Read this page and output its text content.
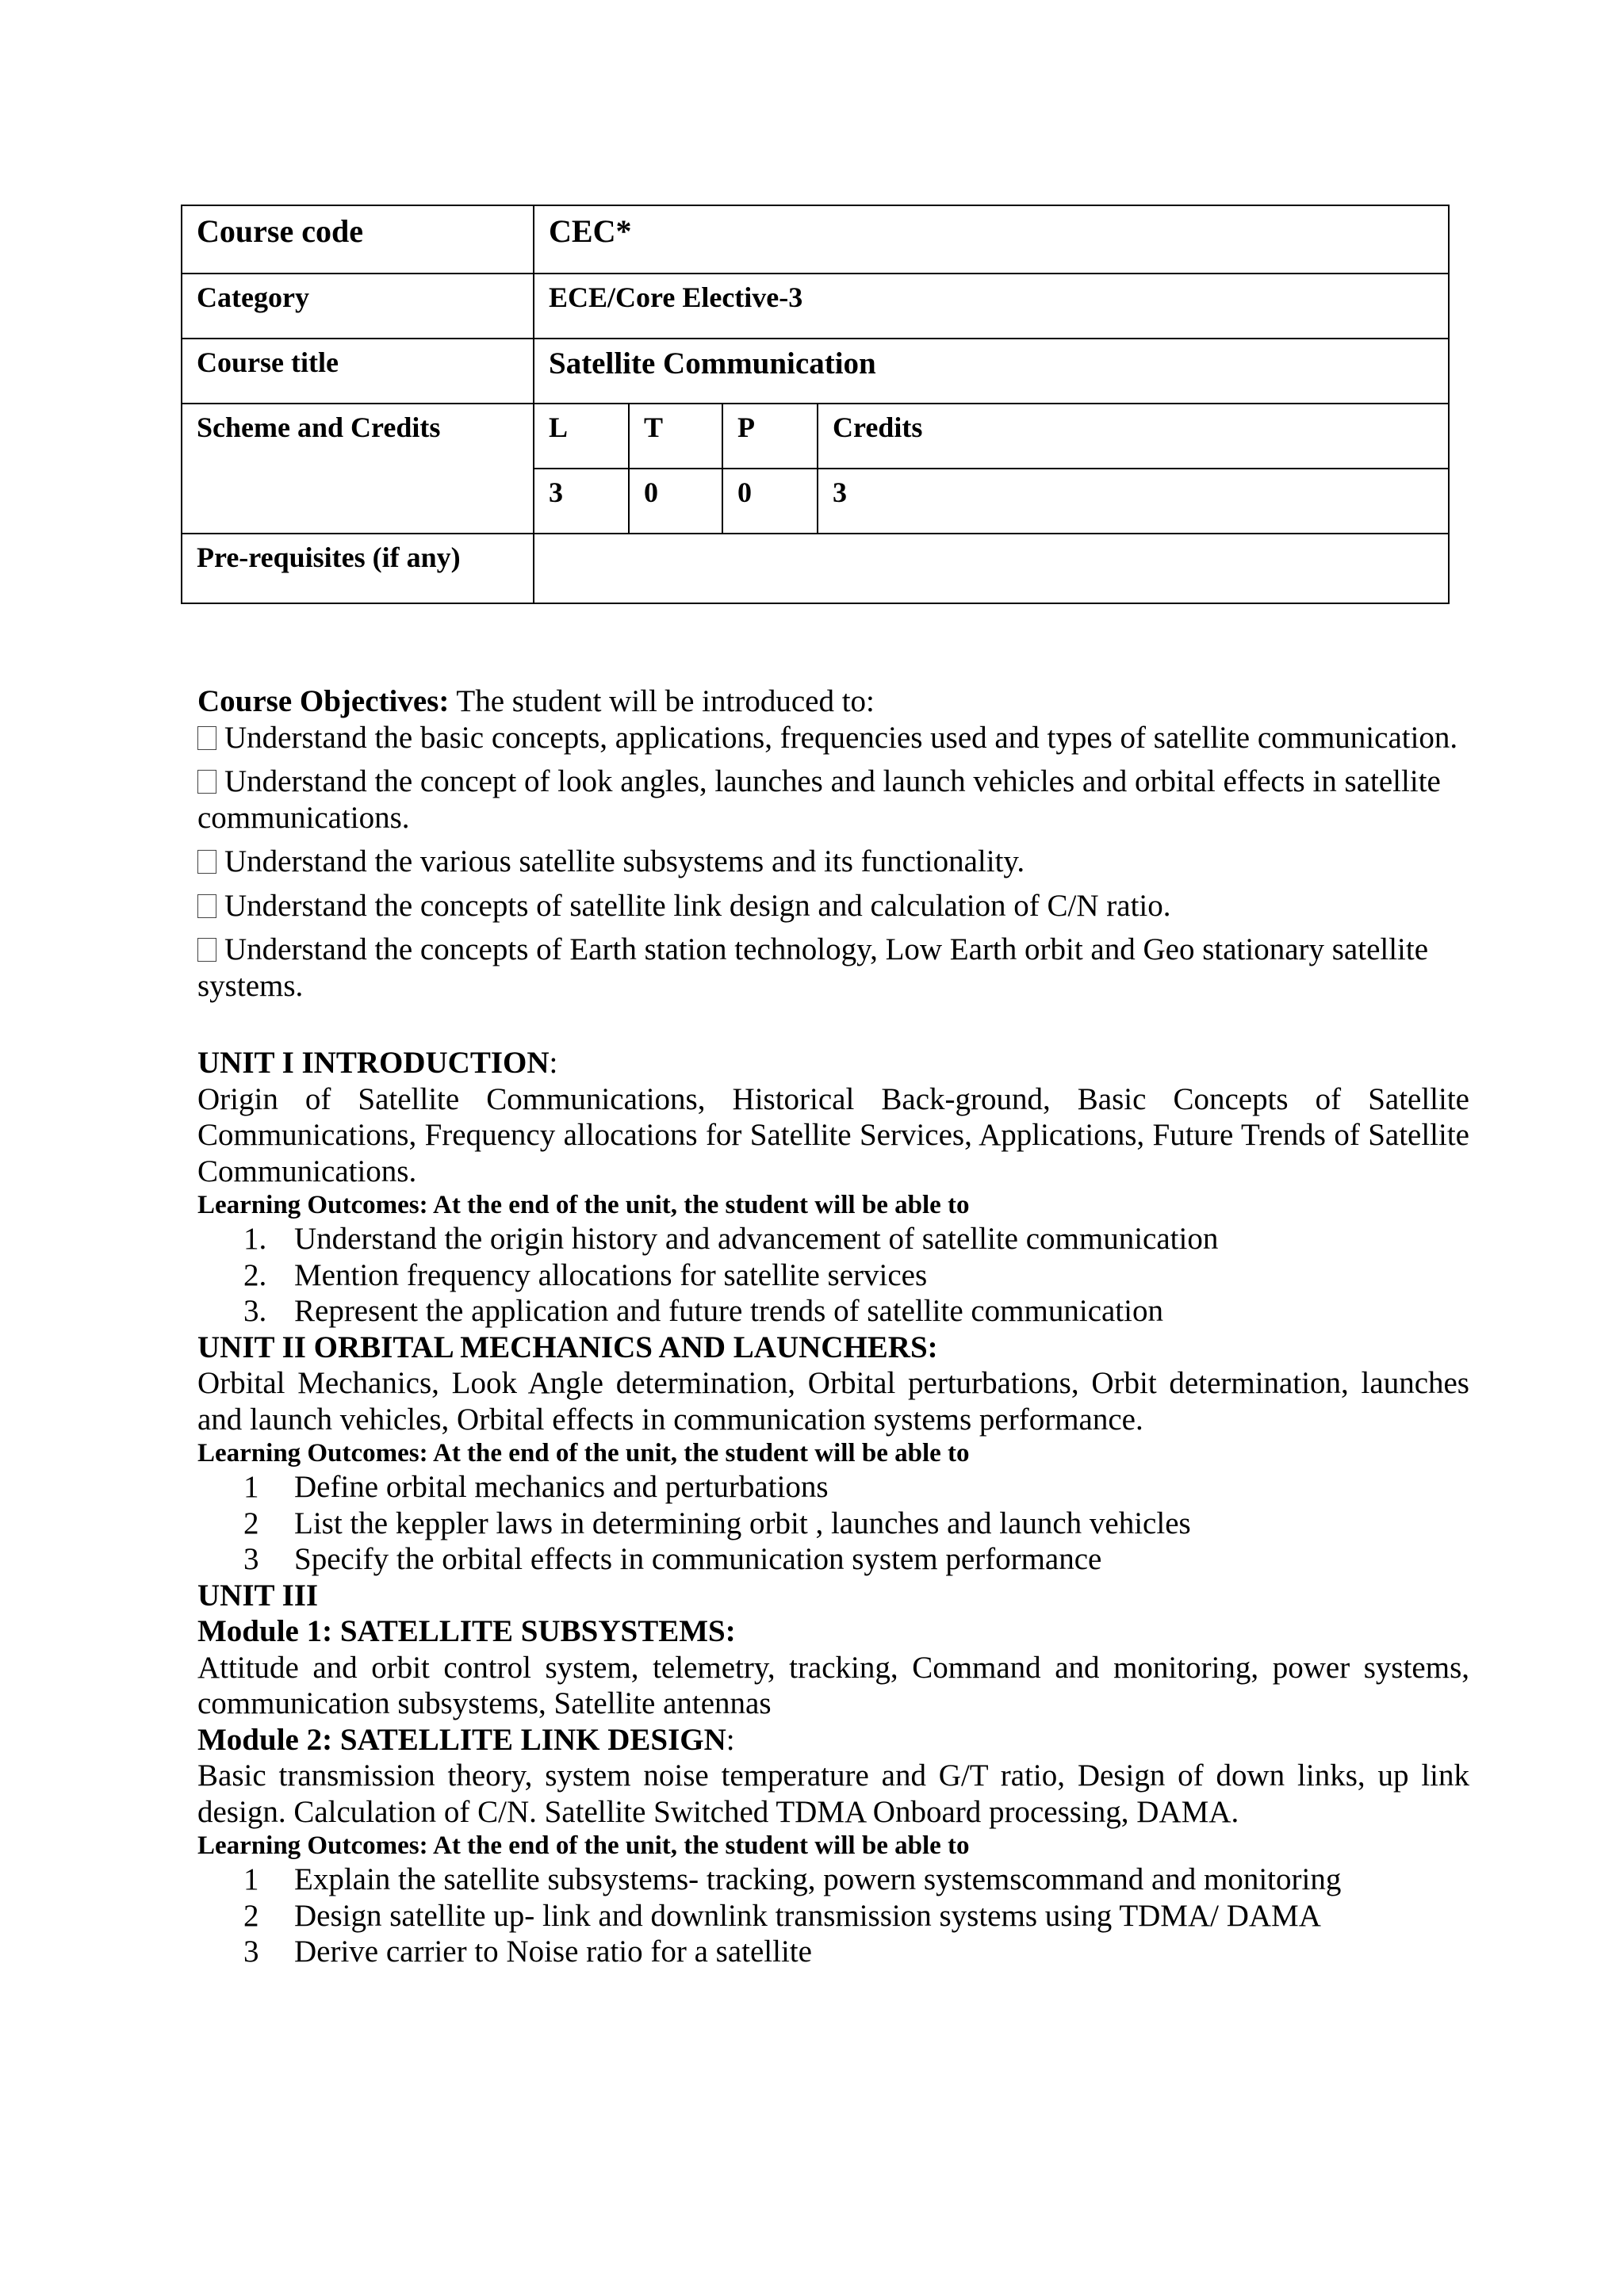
Course code	CEC*			
Category	ECE/Core Elective-3			
Course title	Satellite Communication			
Scheme and Credits	L	T	P	Credits
	3	0	0	3
Pre-requisites (if any)				

Course Objectives: The student will be introduced to:

Understand the basic concepts, applications, frequencies used and types of satellite communication.

Understand the concept of look angles, launches and launch vehicles and orbital effects in satellite communications.

Understand the various satellite subsystems and its functionality.

Understand the concepts of satellite link design and calculation of C/N ratio.

Understand the concepts of Earth station technology, Low Earth orbit and Geo stationary satellite systems.

UNIT I INTRODUCTION:

Origin of Satellite Communications, Historical Back-ground, Basic Concepts of Satellite Communications, Frequency allocations for Satellite Services, Applications, Future Trends of Satellite Communications.

Learning Outcomes: At the end of the unit, the student will be able to

1. Understand the origin history and advancement of satellite communication
2. Mention frequency allocations for satellite services
3. Represent the application and future trends of satellite communication

UNIT II ORBITAL MECHANICS AND LAUNCHERS:

Orbital Mechanics, Look Angle determination, Orbital perturbations, Orbit determination, launches and launch vehicles, Orbital effects in communication systems performance.

Learning Outcomes: At the end of the unit, the student will be able to

1 Define orbital mechanics and perturbations
2 List the keppler laws in determining orbit , launches and launch vehicles
3 Specify the orbital effects in communication system performance

UNIT III

Module 1: SATELLITE SUBSYSTEMS:

Attitude and orbit control system, telemetry, tracking, Command and monitoring, power systems, communication subsystems, Satellite antennas

Module 2: SATELLITE LINK DESIGN:

Basic transmission theory, system noise temperature and G/T ratio, Design of down links, up link design. Calculation of C/N. Satellite Switched TDMA Onboard processing, DAMA.

Learning Outcomes: At the end of the unit, the student will be able to

1 Explain the satellite subsystems- tracking, powern systemscommand and monitoring
2 Design satellite up- link and downlink transmission systems using TDMA/ DAMA
3 Derive carrier to Noise ratio for a satellite
